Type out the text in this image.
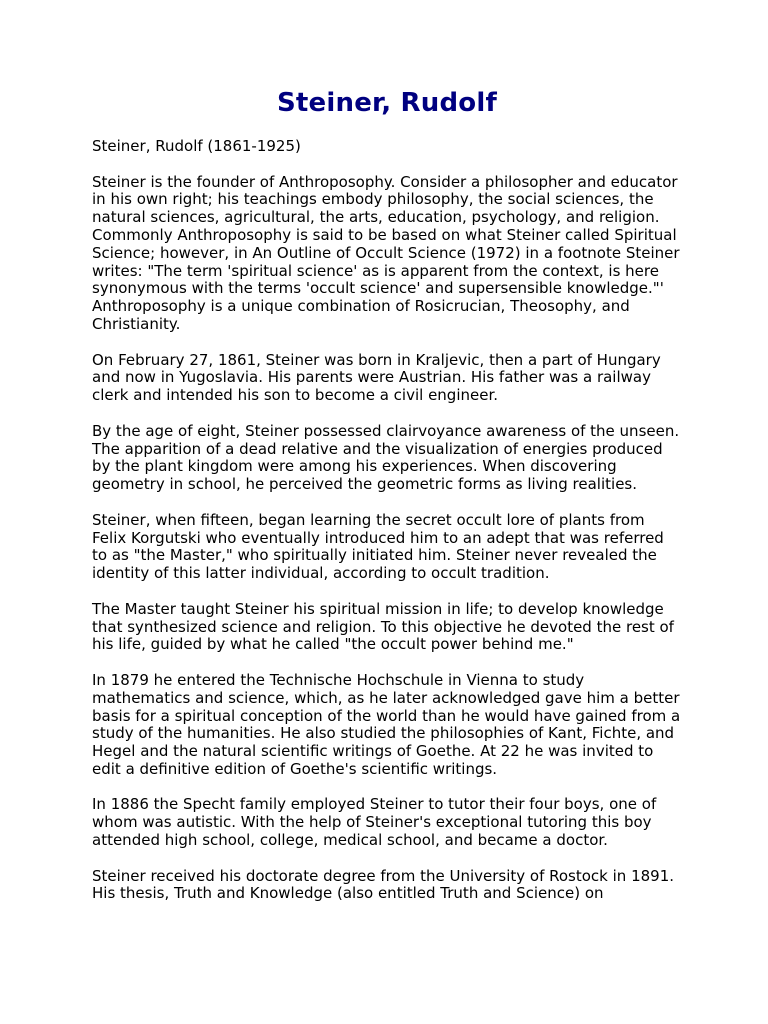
Steiner, Rudolf

Steiner, Rudolf (1861-1925)

Steiner is the founder of Anthroposophy. Consider a philosopher and educator in his own right; his teachings embody philosophy, the social sciences, the natural sciences, agricultural, the arts, education, psychology, and religion. Commonly Anthroposophy is said to be based on what Steiner called Spiritual Science; however, in An Outline of Occult Science (1972) in a footnote Steiner writes: "The term 'spiritual science' as is apparent from the context, is here synonymous with the terms 'occult science' and supersensible knowledge."' Anthroposophy is a unique combination of Rosicrucian, Theosophy, and Christianity.

On February 27, 1861, Steiner was born in Kraljevic, then a part of Hungary and now in Yugoslavia. His parents were Austrian. His father was a railway clerk and intended his son to become a civil engineer.

By the age of eight, Steiner possessed clairvoyance awareness of the unseen. The apparition of a dead relative and the visualization of energies produced by the plant kingdom were among his experiences. When discovering geometry in school, he perceived the geometric forms as living realities.

Steiner, when fifteen, began learning the secret occult lore of plants from Felix Korgutski who eventually introduced him to an adept that was referred to as "the Master," who spiritually initiated him. Steiner never revealed the identity of this latter individual, according to occult tradition.

The Master taught Steiner his spiritual mission in life; to develop knowledge that synthesized science and religion. To this objective he devoted the rest of his life, guided by what he called "the occult power behind me."

In 1879 he entered the Technische Hochschule in Vienna to study mathematics and science, which, as he later acknowledged gave him a better basis for a spiritual conception of the world than he would have gained from a study of the humanities. He also studied the philosophies of Kant, Fichte, and Hegel and the natural scientific writings of Goethe. At 22 he was invited to edit a definitive edition of Goethe's scientific writings.

In 1886 the Specht family employed Steiner to tutor their four boys, one of whom was autistic. With the help of Steiner's exceptional tutoring this boy attended high school, college, medical school, and became a doctor.

Steiner received his doctorate degree from the University of Rostock in 1891. His thesis, Truth and Knowledge (also entitled Truth and Science) on
